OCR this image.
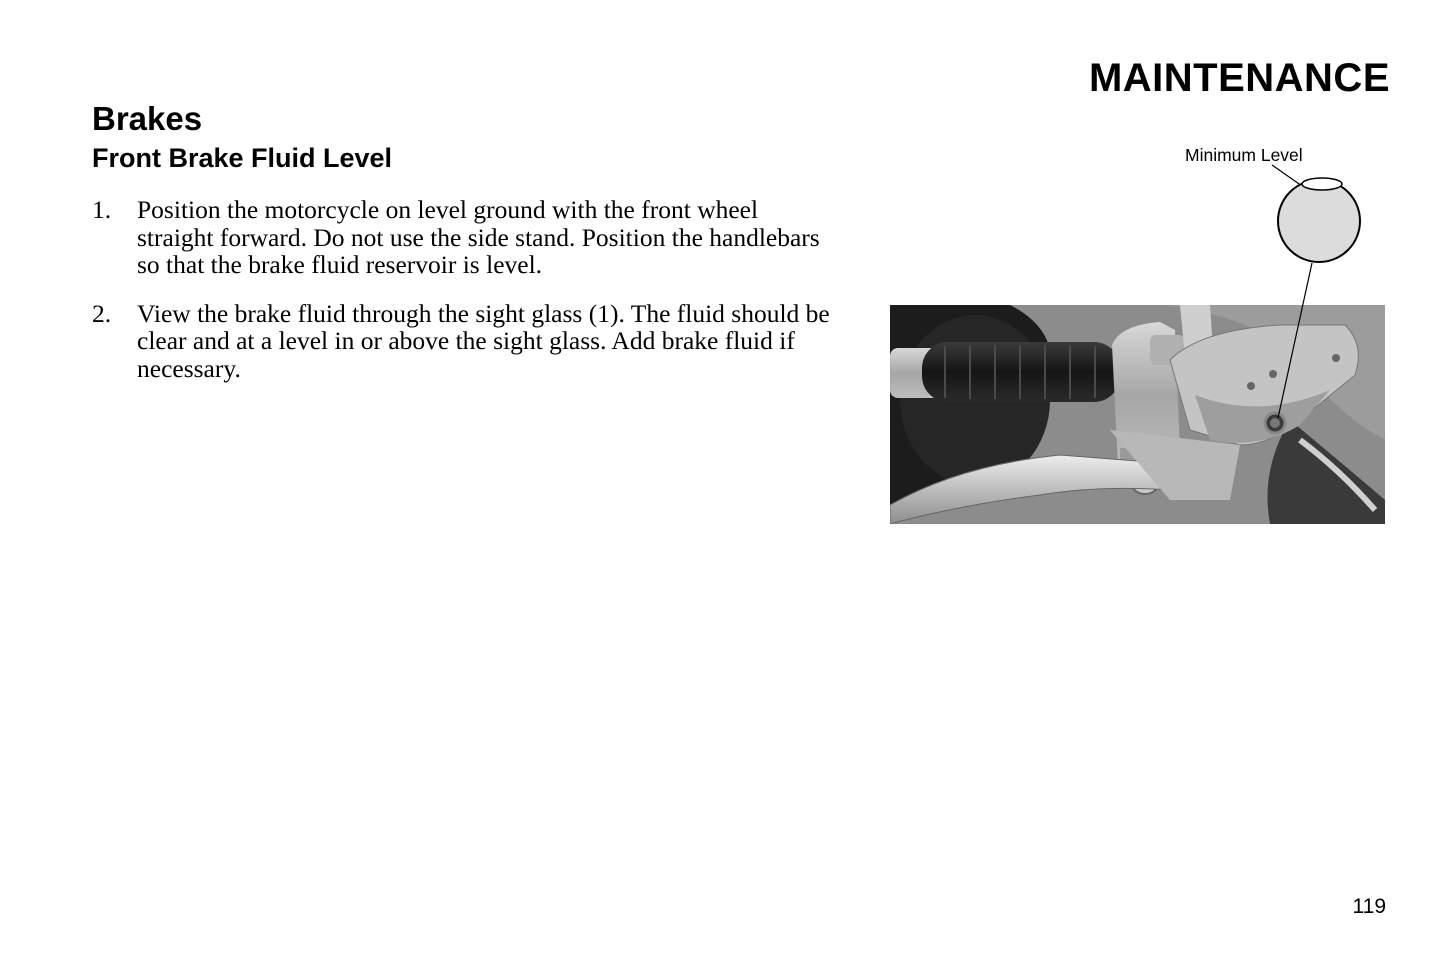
MAINTENANCE
Brakes
Front Brake Fluid Level
1. Position the motorcycle on level ground with the front wheel straight forward. Do not use the side stand. Position the handlebars so that the brake fluid reservoir is level.
2. View the brake fluid through the sight glass (1). The fluid should be clear and at a level in or above the sight glass. Add brake fluid if necessary.
Minimum Level
119
